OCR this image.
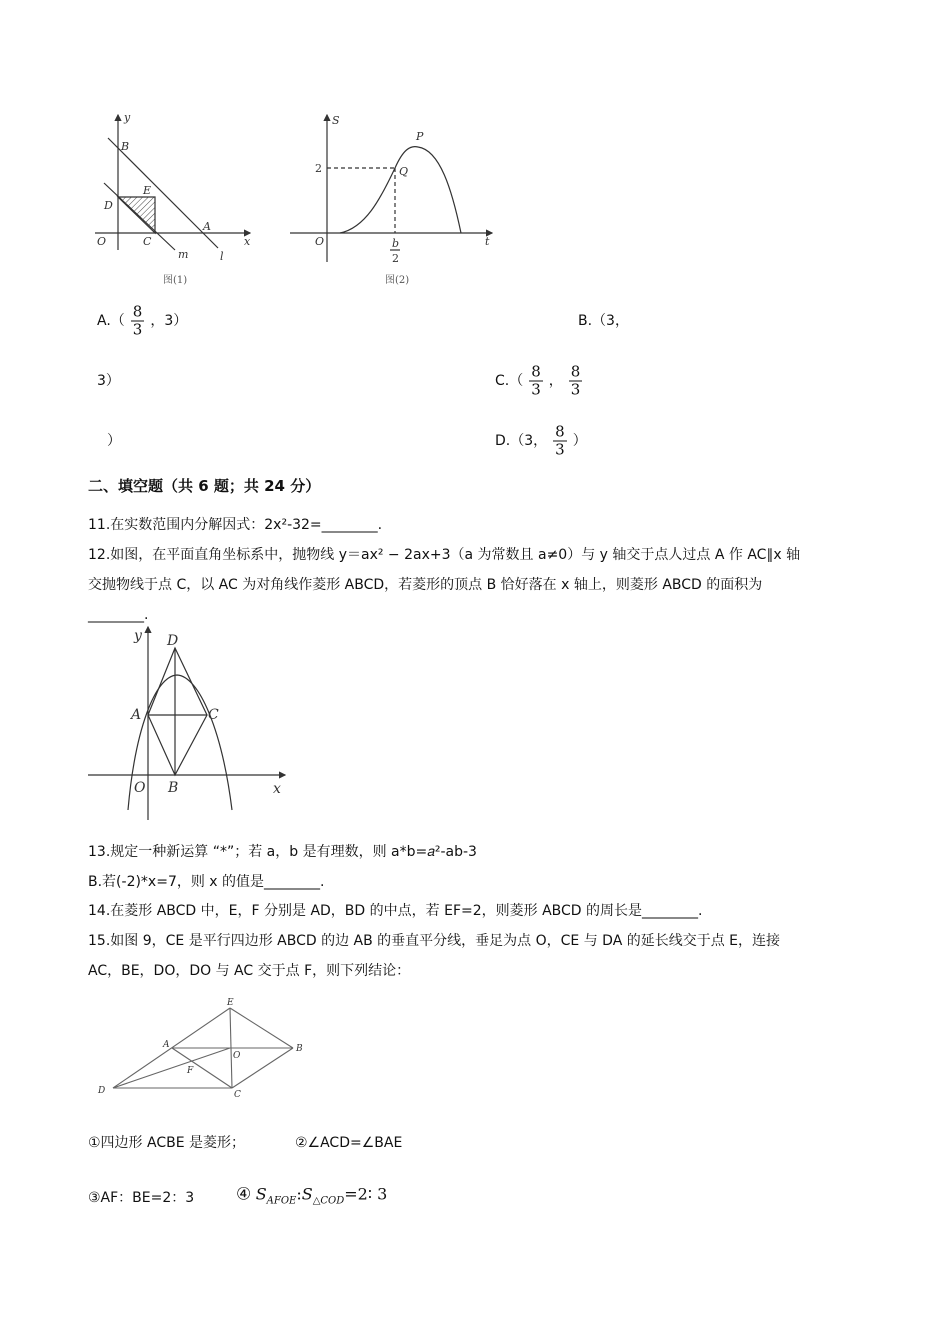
y
B
E
D
O	C
A
x
m	l
图(1)
S
P
2	Q
O	b
2
t
图(2)
y D
A	C
O B	x
E
A
O
B
F
D	C
$A.( \frac{8}{3}$ ，3）	B.（3，
3）	$C.( \frac{8}{3}$ ， $\frac{8}{3}$
）	D.（3， $\frac{8}{3}$ ）
二、填空题（共 6 题；共 24 分）
11.在实数范围内分解因式：2x²-32=________.
12.如图，在平面直角坐标系中，抛物线 y＝ax² − 2ax+3（a 为常数且 a≠0）与 y 轴交于点人过点 A 作 AC∥x 轴
交抛物线于点 C，以 AC 为对角线作菱形 ABCD，若菱形的顶点 B 恰好落在 x 轴上，则菱形 ABCD 的面积为
________.
13.规定一种新运算 “*”；若 a，b 是有理数，则 a*b=𝑎²-ab-3
B.若(-2)*x=7，则 x 的值是________.
14.在菱形 ABCD 中，E，F 分别是 AD，BD 的中点，若 EF=2，则菱形 ABCD 的周长是________.
15.如图 9，CE 是平行四边形 ABCD 的边 AB 的垂直平分线，垂足为点 O，CE 与 DA 的延长线交于点 E，连接
AC，BE，DO，DO 与 AC 交于点 F，则下列结论：
①四边形 ACBE 是菱形；	②∠ACD=∠BAE
③AF：BE=2：3 ④ $S_{AFOE}:S_{\triangle COD}=2∶$ 3
